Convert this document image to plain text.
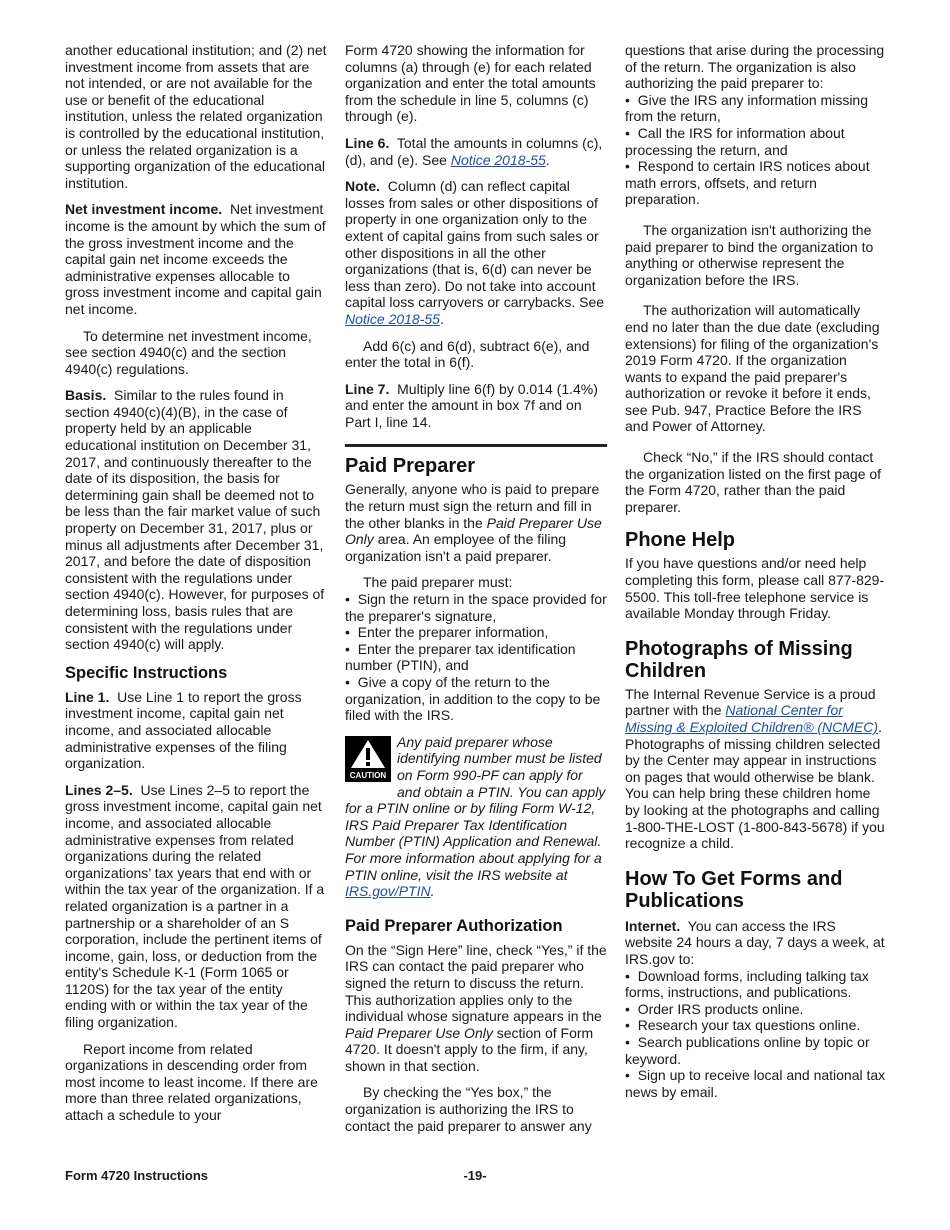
another educational institution; and (2) net investment income from assets that are not intended, or are not available for the use or benefit of the educational institution, unless the related organization is controlled by the educational institution, or unless the related organization is a supporting organization of the educational institution.

Net investment income. Net investment income is the amount by which the sum of the gross investment income and the capital gain net income exceeds the administrative expenses allocable to gross investment income and capital gain net income.

To determine net investment income, see section 4940(c) and the section 4940(c) regulations.

Basis. Similar to the rules found in section 4940(c)(4)(B), in the case of property held by an applicable educational institution on December 31, 2017, and continuously thereafter to the date of its disposition, the basis for determining gain shall be deemed not to be less than the fair market value of such property on December 31, 2017, plus or minus all adjustments after December 31, 2017, and before the date of disposition consistent with the regulations under section 4940(c). However, for purposes of determining loss, basis rules that are consistent with the regulations under section 4940(c) will apply.

Specific Instructions

Line 1. Use Line 1 to report the gross investment income, capital gain net income, and associated allocable administrative expenses of the filing organization.

Lines 2–5. Use Lines 2–5 to report the gross investment income, capital gain net income, and associated allocable administrative expenses from related organizations during the related organizations’ tax years that end with or within the tax year of the organization. If a related organization is a partner in a partnership or a shareholder of an S corporation, include the pertinent items of income, gain, loss, or deduction from the entity's Schedule K-1 (Form 1065 or 1120S) for the tax year of the entity ending with or within the tax year of the filing organization.

Report income from related organizations in descending order from most income to least income. If there are more than three related organizations, attach a schedule to your

Form 4720 showing the information for columns (a) through (e) for each related organization and enter the total amounts from the schedule in line 5, columns (c) through (e).

Line 6. Total the amounts in columns (c), (d), and (e). See Notice 2018-55.

Note. Column (d) can reflect capital losses from sales or other dispositions of property in one organization only to the extent of capital gains from such sales or other dispositions in all the other organizations (that is, 6(d) can never be less than zero). Do not take into account capital loss carryovers or carrybacks. See Notice 2018-55.

Add 6(c) and 6(d), subtract 6(e), and enter the total in 6(f).

Line 7. Multiply line 6(f) by 0.014 (1.4%) and enter the amount in box 7f and on Part I, line 14.

Paid Preparer

Generally, anyone who is paid to prepare the return must sign the return and fill in the other blanks in the Paid Preparer Use Only area. An employee of the filing organization isn't a paid preparer.

The paid preparer must:

•  Sign the return in the space provided for the preparer's signature,

•  Enter the preparer information,

•  Enter the preparer tax identification number (PTIN), and

•  Give a copy of the return to the organization, in addition to the copy to be filed with the IRS.

CAUTION
Any paid preparer whose identifying number must be listed on Form 990-PF can apply for and obtain a PTIN. You can apply for a PTIN online or by filing Form W-12, IRS Paid Preparer Tax Identification Number (PTIN) Application and Renewal. For more information about applying for a PTIN online, visit the IRS website at IRS.gov/PTIN.
Paid Preparer Authorization

On the “Sign Here” line, check “Yes,” if the IRS can contact the paid preparer who signed the return to discuss the return. This authorization applies only to the individual whose signature appears in the Paid Preparer Use Only section of Form 4720. It doesn't apply to the firm, if any, shown in that section.

By checking the “Yes box,” the organization is authorizing the IRS to contact the paid preparer to answer any

questions that arise during the processing of the return. The organization is also authorizing the paid preparer to:

•  Give the IRS any information missing from the return,

•  Call the IRS for information about processing the return, and

•  Respond to certain IRS notices about math errors, offsets, and return preparation.

The organization isn't authorizing the paid preparer to bind the organization to anything or otherwise represent the organization before the IRS.

The authorization will automatically end no later than the due date (excluding extensions) for filing of the organization's 2019 Form 4720. If the organization wants to expand the paid preparer's authorization or revoke it before it ends, see Pub. 947, Practice Before the IRS and Power of Attorney.

Check “No,” if the IRS should contact the organization listed on the first page of the Form 4720, rather than the paid preparer.

Phone Help

If you have questions and/or need help completing this form, please call 877-829-5500. This toll-free telephone service is available Monday through Friday.

Photographs of Missing Children

The Internal Revenue Service is a proud partner with the National Center for Missing & Exploited Children® (NCMEC). Photographs of missing children selected by the Center may appear in instructions on pages that would otherwise be blank. You can help bring these children home by looking at the photographs and calling 1-800-THE-LOST (1-800-843-5678) if you recognize a child.

How To Get Forms and Publications

Internet. You can access the IRS website 24 hours a day, 7 days a week, at IRS.gov to:

•  Download forms, including talking tax forms, instructions, and publications.

•  Order IRS products online.

•  Research your tax questions online.

•  Search publications online by topic or keyword.

•  Sign up to receive local and national tax news by email.

-19-
Form 4720 Instructions
